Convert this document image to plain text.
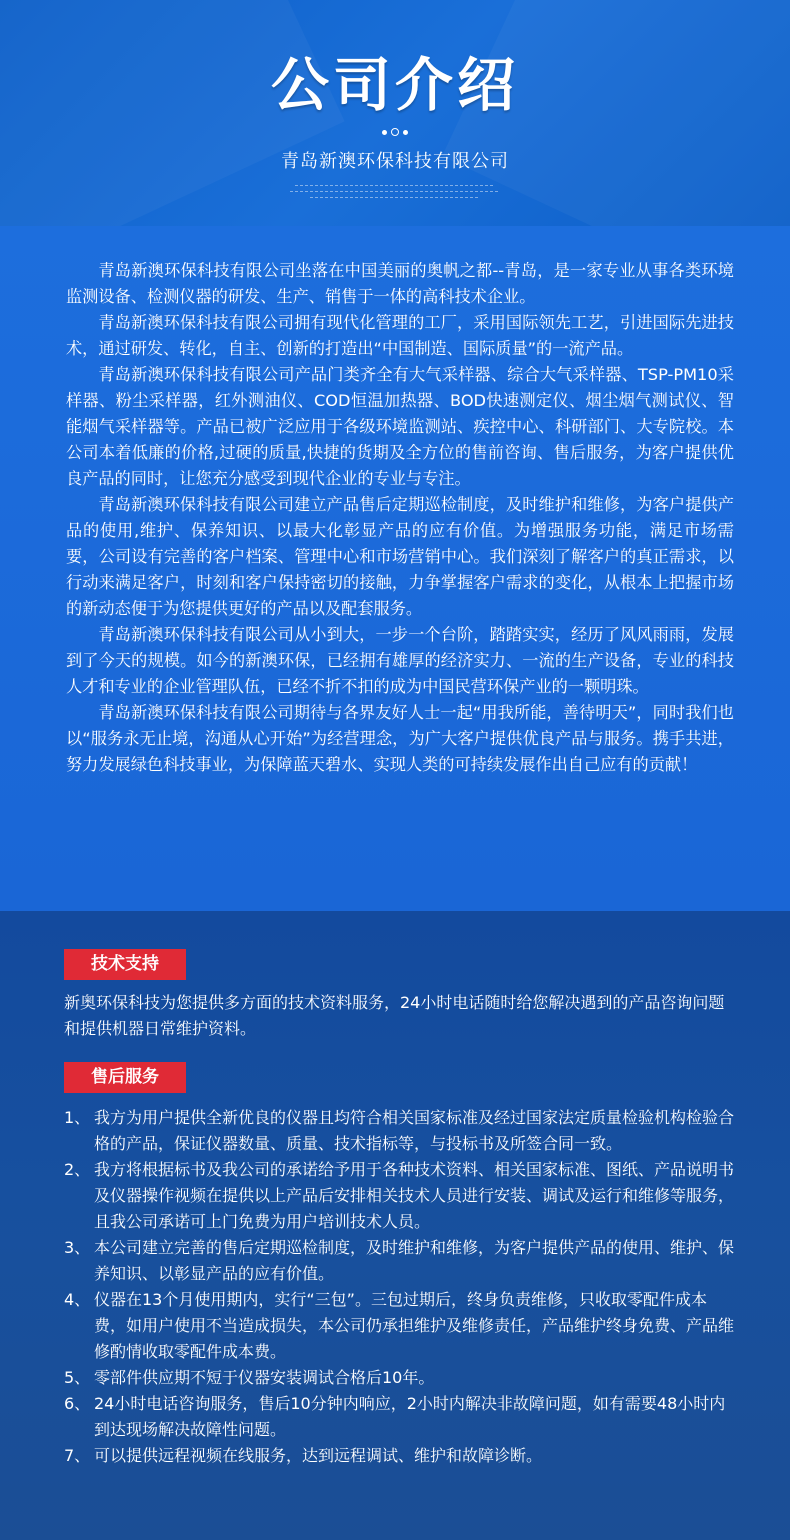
公司介绍
青岛新澳环保科技有限公司

青岛新澳环保科技有限公司坐落在中国美丽的奥帆之都--青岛，是一家专业从事各类环境监测设备、检测仪器的研发、生产、销售于一体的高科技术企业。

青岛新澳环保科技有限公司拥有现代化管理的工厂，采用国际领先工艺，引进国际先进技术，通过研发、转化，自主、创新的打造出“中国制造、国际质量”的一流产品。

青岛新澳环保科技有限公司产品门类齐全有大气采样器、综合大气采样器、TSP-PM10采样器、粉尘采样器，红外测油仪、COD恒温加热器、BOD快速测定仪、烟尘烟气测试仪、智能烟气采样器等。产品已被广泛应用于各级环境监测站、疾控中心、科研部门、大专院校。本公司本着低廉的价格,过硬的质量,快捷的货期及全方位的售前咨询、售后服务，为客户提供优良产品的同时，让您充分感受到现代企业的专业与专注。

青岛新澳环保科技有限公司建立产品售后定期巡检制度，及时维护和维修，为客户提供产品的使用,维护、保养知识、以最大化彰显产品的应有价值。为增强服务功能，满足市场需要，公司设有完善的客户档案、管理中心和市场营销中心。我们深刻了解客户的真正需求，以行动来满足客户，时刻和客户保持密切的接触，力争掌握客户需求的变化，从根本上把握市场的新动态便于为您提供更好的产品以及配套服务。

青岛新澳环保科技有限公司从小到大，一步一个台阶，踏踏实实，经历了风风雨雨，发展到了今天的规模。如今的新澳环保，已经拥有雄厚的经济实力、一流的生产设备，专业的科技人才和专业的企业管理队伍，已经不折不扣的成为中国民营环保产业的一颗明珠。

青岛新澳环保科技有限公司期待与各界友好人士一起“用我所能，善待明天”，同时我们也以“服务永无止境，沟通从心开始”为经营理念，为广大客户提供优良产品与服务。携手共进，努力发展绿色科技事业，为保障蓝天碧水、实现人类的可持续发展作出自己应有的贡献！

技术支持

新奥环保科技为您提供多方面的技术资料服务，24小时电话随时给您解决遇到的产品咨询问题和提供机器日常维护资料。

售后服务
1、 我方为用户提供全新优良的仪器且均符合相关国家标准及经过国家法定质量检验机构检验合格的产品，保证仪器数量、质量、技术指标等，与投标书及所签合同一致。
2、 我方将根据标书及我公司的承诺给予用于各种技术资料、相关国家标准、图纸、产品说明书及仪器操作视频在提供以上产品后安排相关技术人员进行安装、调试及运行和维修等服务，且我公司承诺可上门免费为用户培训技术人员。
3、 本公司建立完善的售后定期巡检制度，及时维护和维修，为客户提供产品的使用、维护、保养知识、以彰显产品的应有价值。
4、 仪器在13个月使用期内，实行“三包”。三包过期后，终身负责维修，只收取零配件成本费，如用户使用不当造成损失，本公司仍承担维护及维修责任，产品维护终身免费、产品维修酌情收取零配件成本费。
5、 零部件供应期不短于仪器安装调试合格后10年。
6、 24小时电话咨询服务，售后10分钟内响应，2小时内解决非故障问题，如有需要48小时内到达现场解决故障性问题。
7、 可以提供远程视频在线服务，达到远程调试、维护和故障诊断。
